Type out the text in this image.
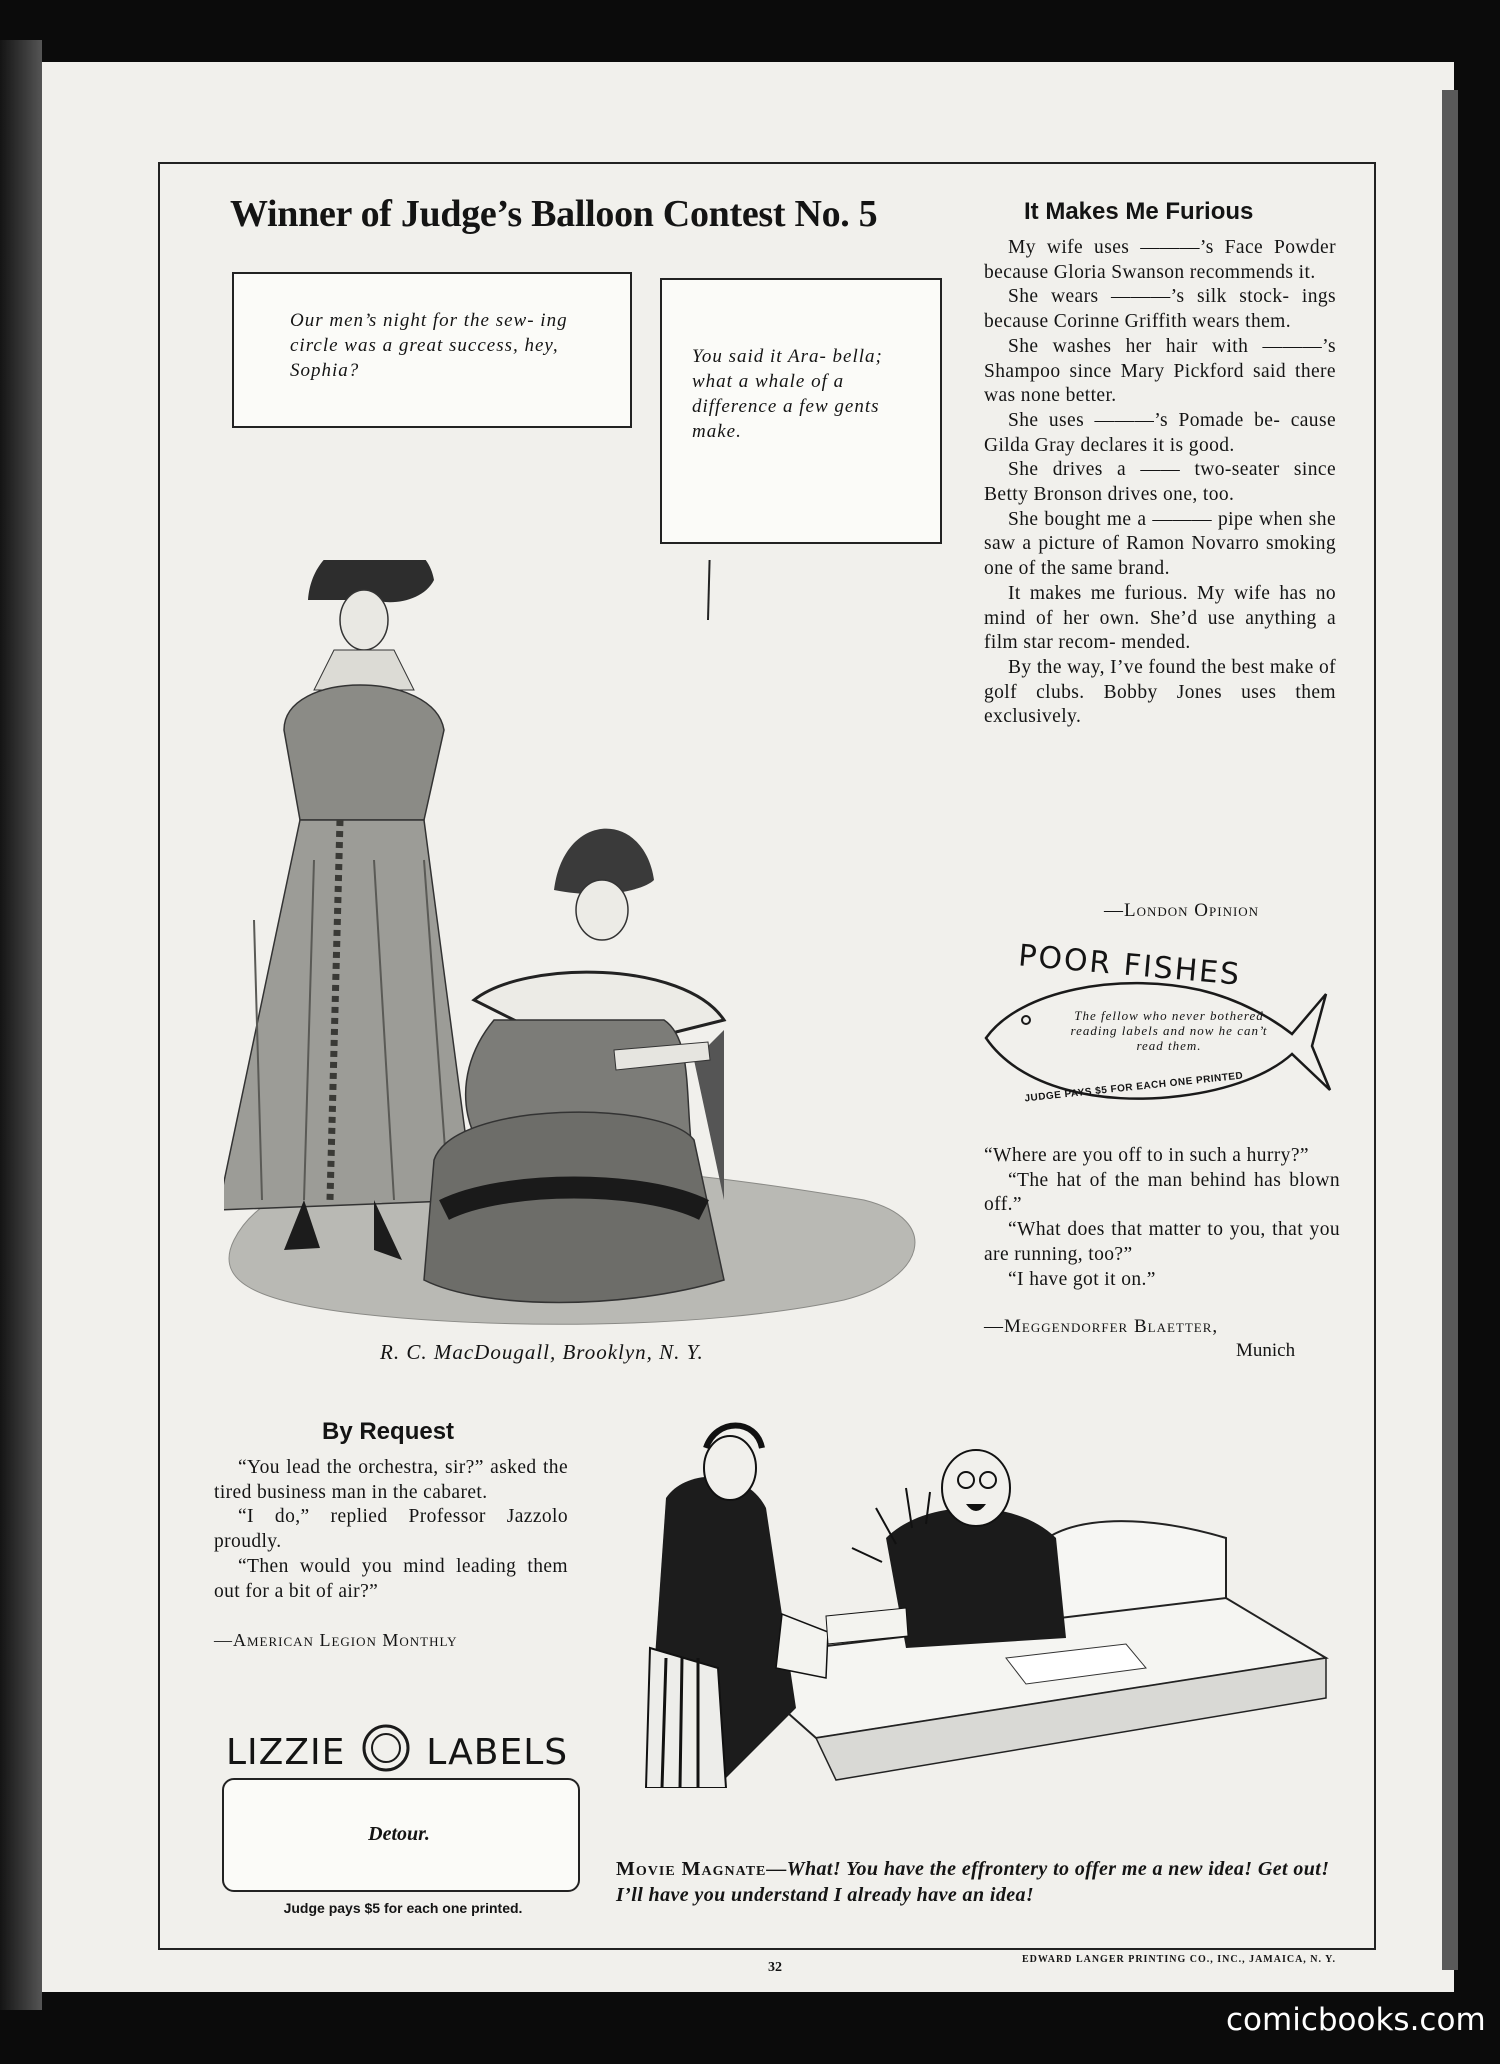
Winner of Judge’s Balloon Contest No. 5
Our men’s night for the sew- ing circle was a great success, hey, Sophia?
You said it Ara- bella; what a whale of a difference a few gents make.
R. C. MacDougall, Brooklyn, N. Y.
It Makes Me Furious

My wife uses ———’s Face Powder because Gloria Swanson recommends it.

She wears ———’s silk stock- ings because Corinne Griffith wears them.

She washes her hair with ———’s Shampoo since Mary Pickford said there was none better.

She uses ———’s Pomade be- cause Gilda Gray declares it is good.

She drives a —— two-seater since Betty Bronson drives one, too.

She bought me a ——— pipe when she saw a picture of Ramon Novarro smoking one of the same brand.

It makes me furious. My wife has no mind of her own. She’d use anything a film star recom- mended.

By the way, I’ve found the best make of golf clubs. Bobby Jones uses them exclusively.

—London Opinion
POOR FISHES
The fellow who never bothered reading labels and now he can’t read them.
JUDGE PAYS $5 FOR EACH ONE PRINTED

“Where are you off to in such a hurry?”

“The hat of the man behind has blown off.”

“What does that matter to you, that you are running, too?”

“I have got it on.”

—Meggendorfer Blaetter,
Munich
By Request

“You lead the orchestra, sir?” asked the tired business man in the cabaret.

“I do,” replied Professor Jazzolo proudly.

“Then would you mind leading them out for a bit of air?”

—American Legion Monthly
LIZZIE LABELS
Detour.
Judge pays $5 for each one printed.
Movie Magnate—What! You have the effrontery to offer me a new idea! Get out! I’ll have you understand I already have an idea!
32
EDWARD LANGER PRINTING CO., INC., JAMAICA, N. Y.
comicbooks.com
